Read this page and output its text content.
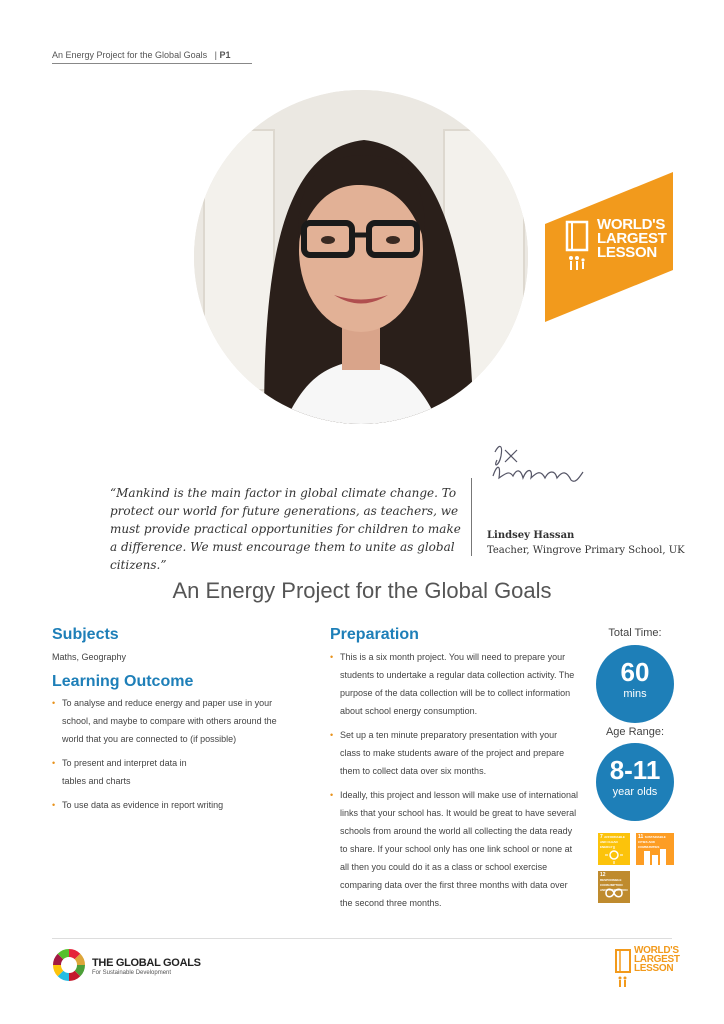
An Energy Project for the Global Goals | P1
WORLD'S
LARGEST
LESSON
“Mankind is the main factor in global climate change. To protect our world for future generations, as teachers, we must provide practical opportunities for children to make a difference. We must encourage them to unite as global citizens.”
Lindsey Hassan
Teacher, Wingrove Primary School, UK
An Energy Project for the Global Goals
Subjects
Maths, Geography
Learning Outcome
• To analyse and reduce energy and paper use in your school, and maybe to compare with others around the world that you are connected to (if possible)
• To present and interpret data in tables and charts
• To use data as evidence in report writing
Preparation
• This is a six month project. You will need to prepare your students to undertake a regular data collection activity. The purpose of the data collection will be to collect information about school energy consumption.
• Set up a ten minute preparatory presentation with your class to make students aware of the project and prepare them to collect data over six months.
• Ideally, this project and lesson will make use of international links that your school has. It would be great to have several schools from around the world all collecting the data ready to share. If your school only has one link school or none at all then you could do it as a class or school exercise comparing data over the first three months with data over the second three months.
Total Time:
60
mins
Age Range:
8-11
year olds
7 AFFORDABLE AND CLEAN ENERGY
11 SUSTAINABLE CITIES AND COMMUNITIES
12 RESPONSIBLE CONSUMPTION AND PRODUCTION
THE GLOBAL GOALS
For Sustainable Development
WORLD'S
LARGEST
LESSON
